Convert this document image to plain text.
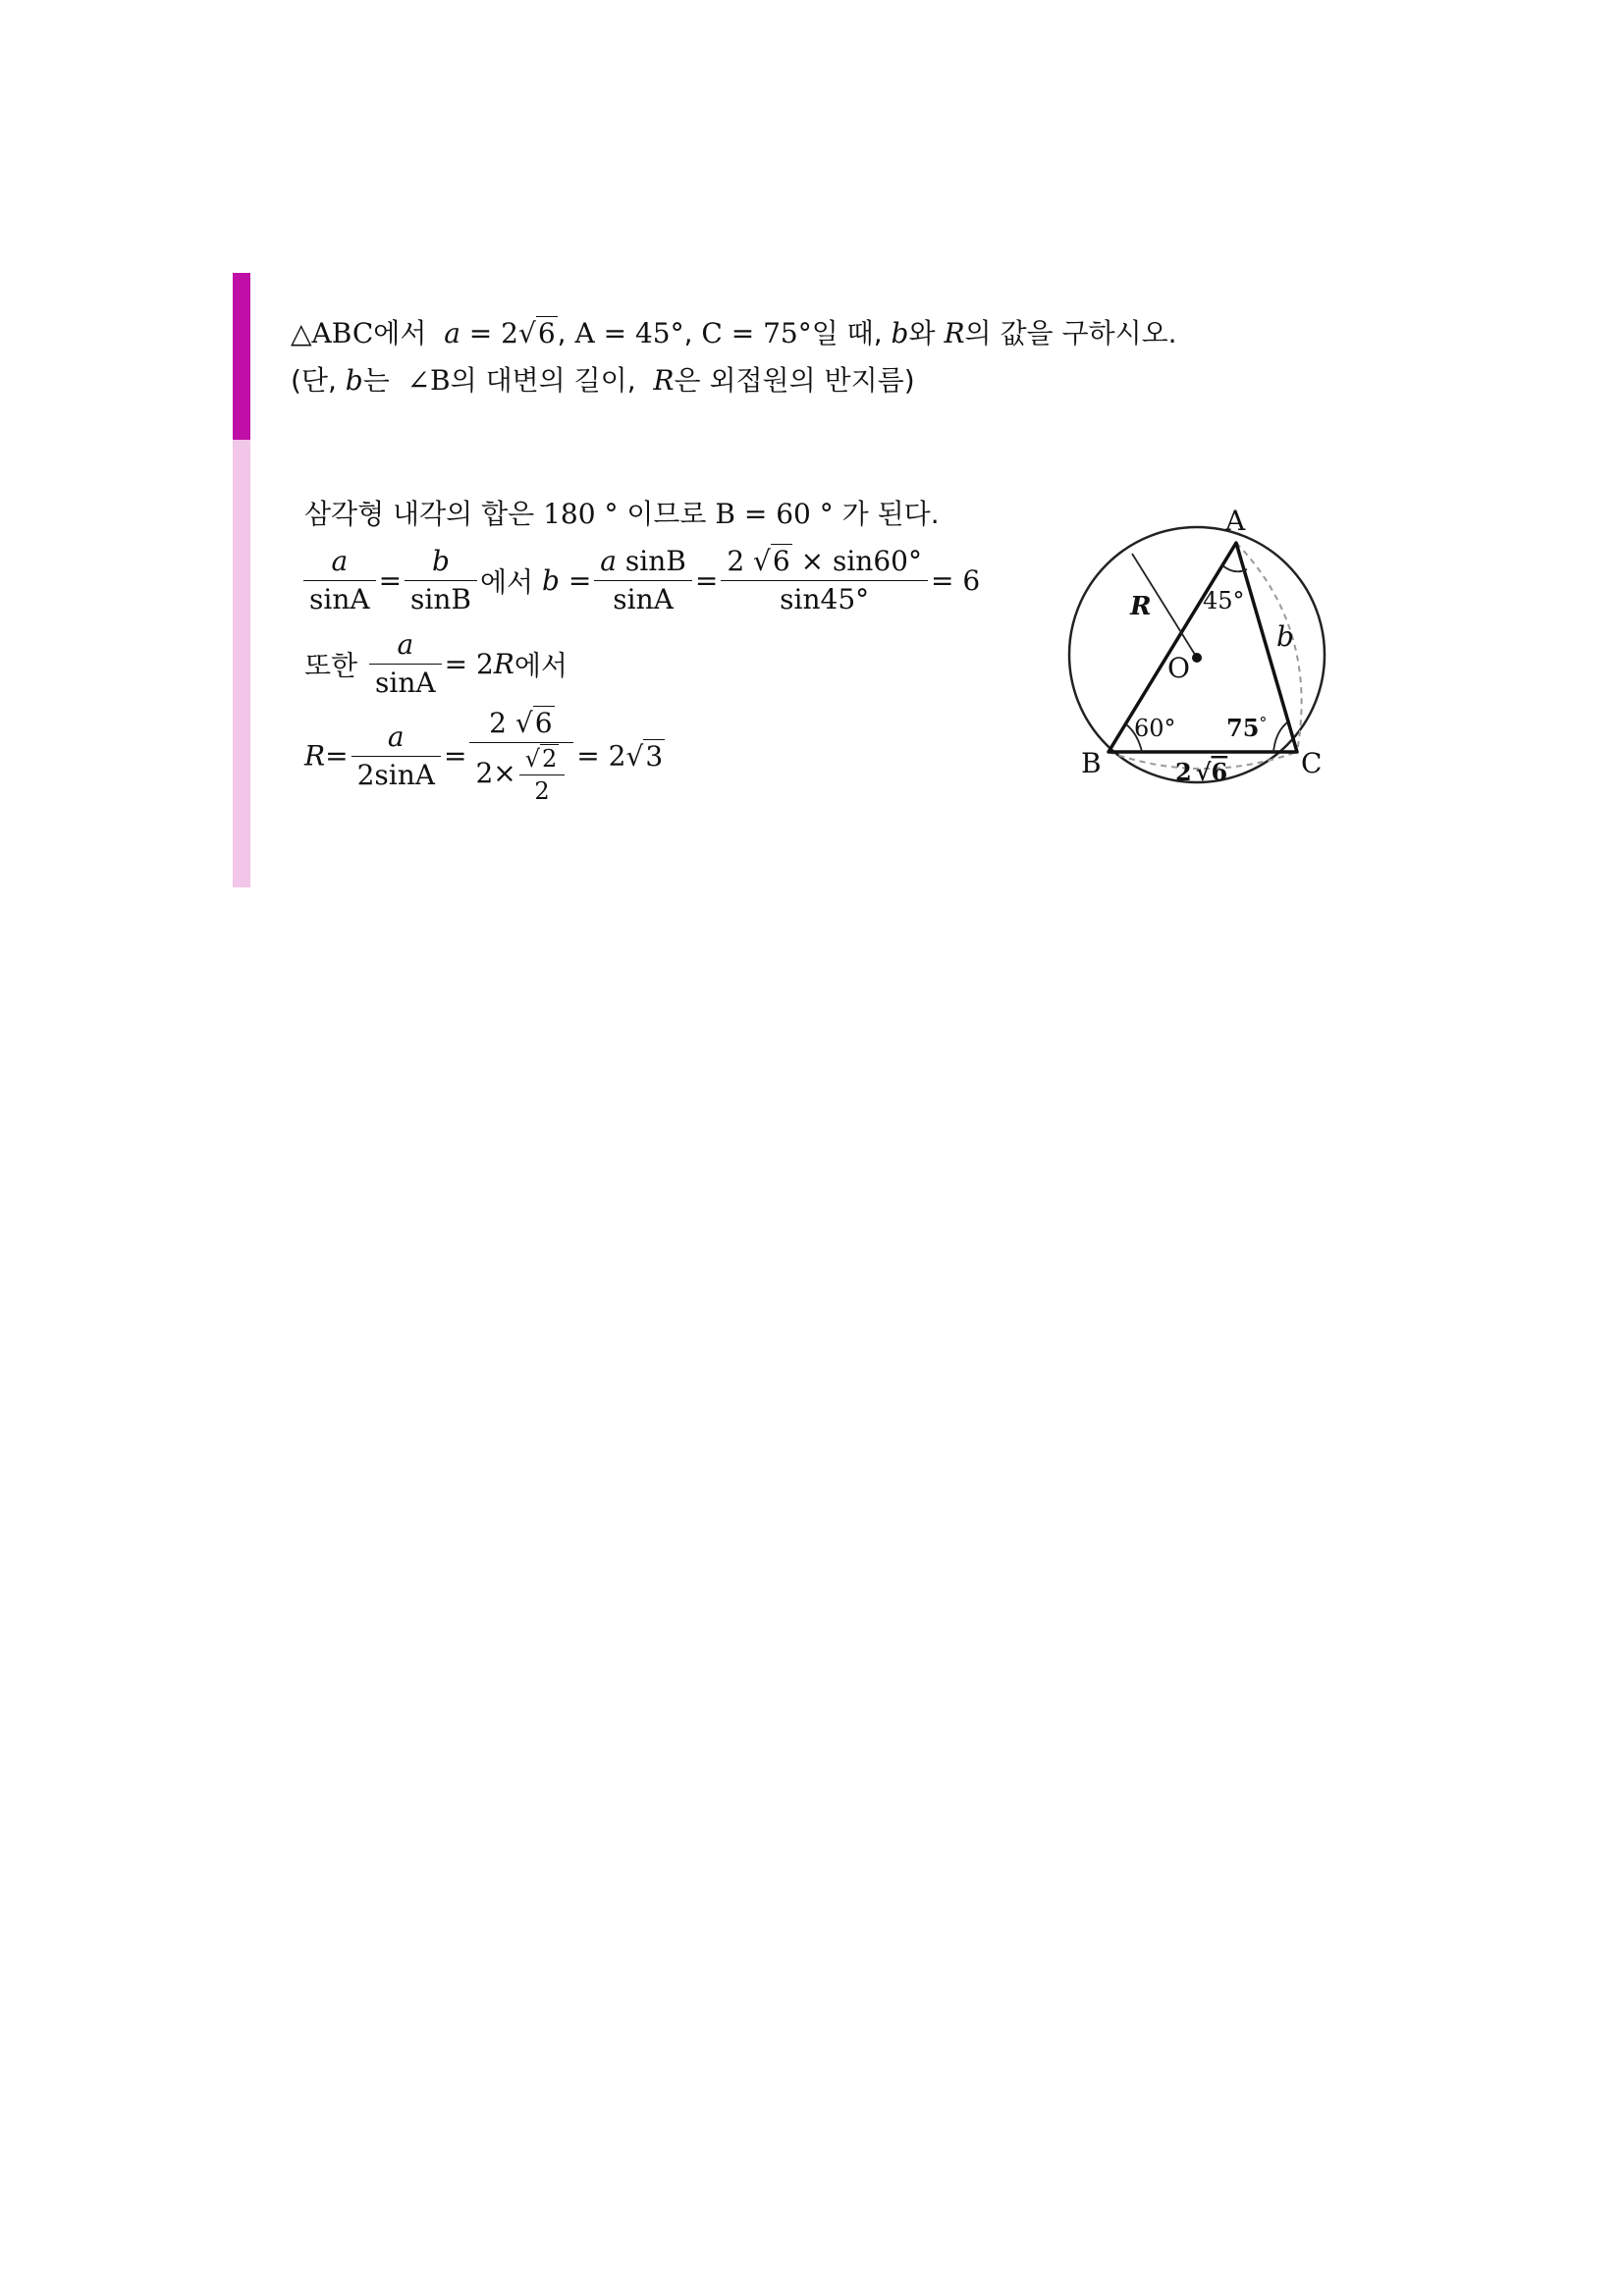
△ABC에서 a = 2√6, A = 45°, C = 75°일 때, b와 R의 값을 구하시오.
(단, b는  ∠B의 대변의 길이,  R은 외접원의 반지름)
삼각형 내각의 합은 180 ° 이므로 B = 60 ° 가 된다.
$\frac{a}{\sin A} = \frac{b}{\sin B}$ 에서 $b = \frac{\text{a sinB}}{\sin A} = \frac{2 √6 \times \sin 60^\circ}{\sin 45^\circ} = 6$
또한 $\frac{a}{\sin A} = 2R$에서
$R= \frac{a}{2\sin A} = \frac{2 √6}{2\times \frac{√2}{2}} = 2√3$
A
B	C
O
R
b
45°
60° 75°
2 √6
